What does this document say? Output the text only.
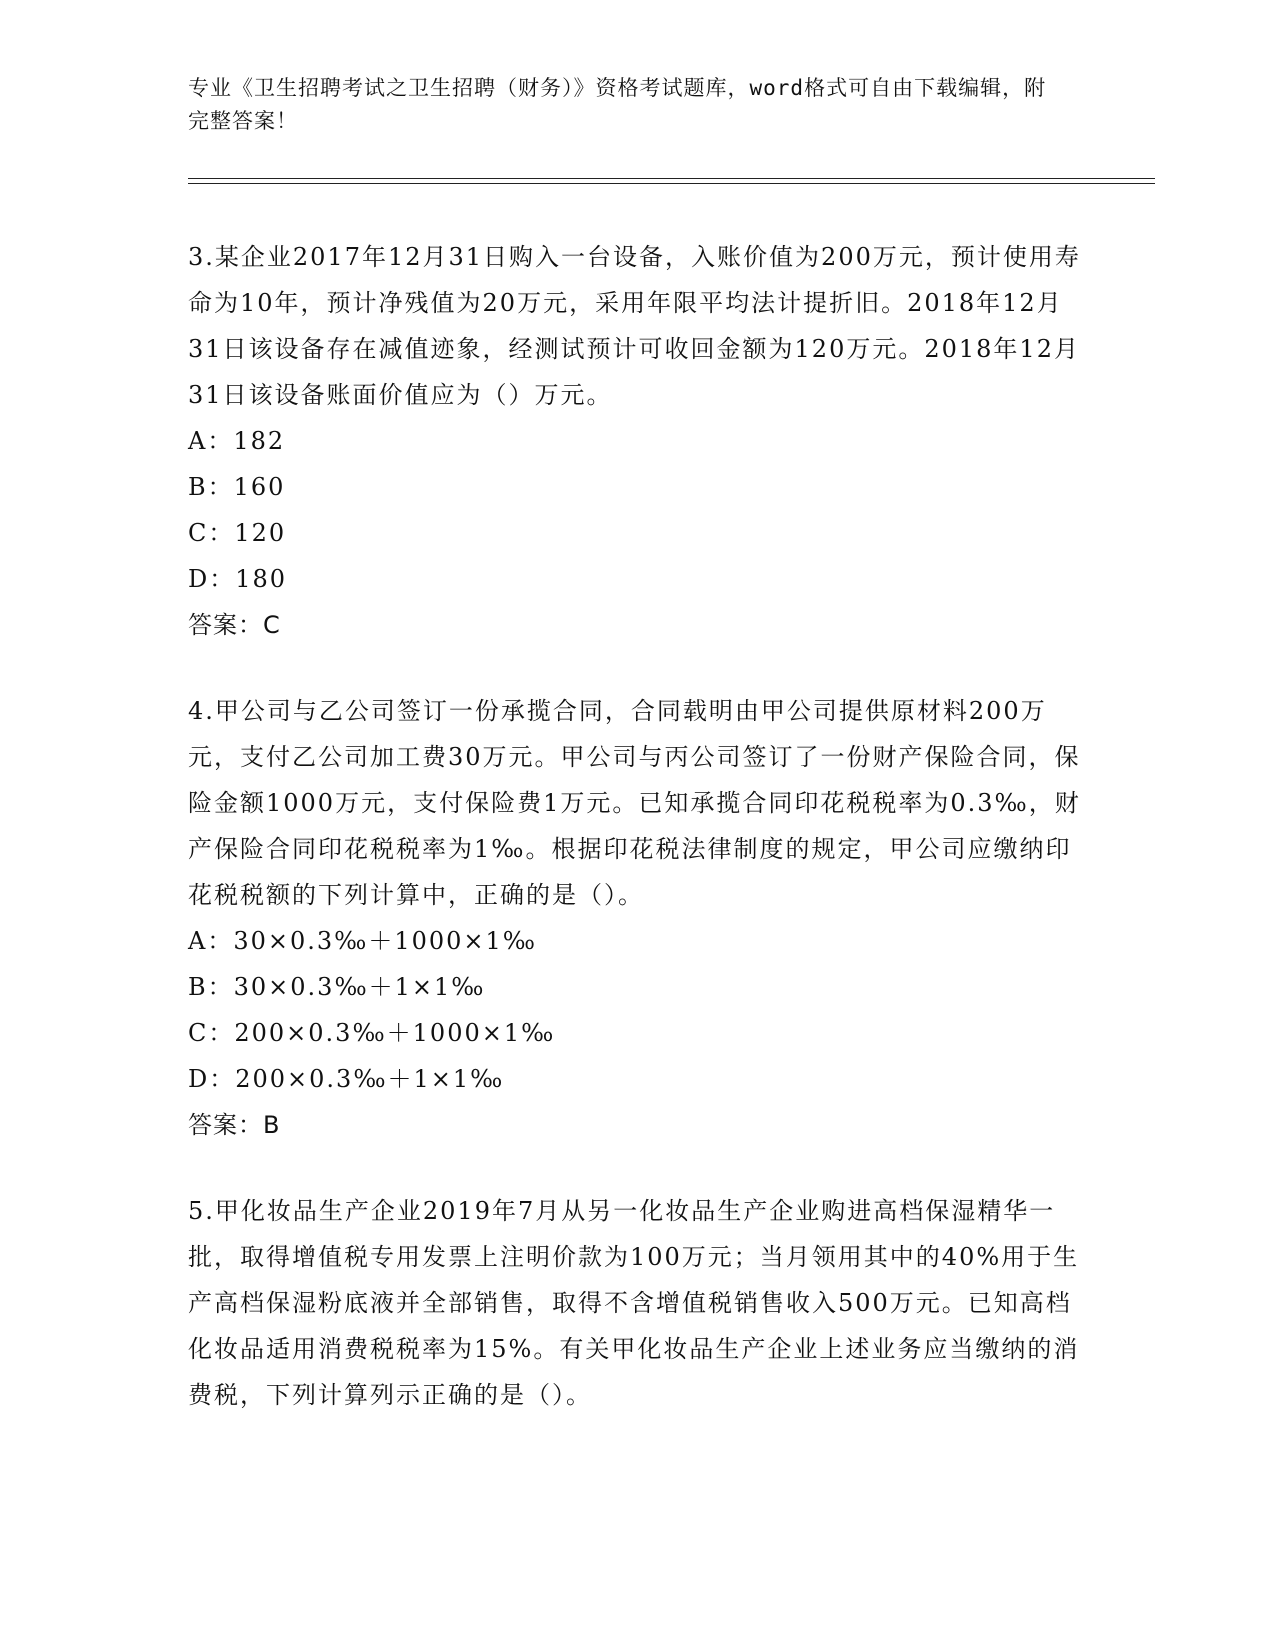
专业《卫生招聘考试之卫生招聘（财务）》资格考试题库，word格式可自由下载编辑，附完整答案！
3.某企业2017年12月31日购入一台设备，入账价值为200万元，预计使用寿命为10年，预计净残值为20万元，采用年限平均法计提折旧。2018年12月31日该设备存在减值迹象，经测试预计可收回金额为120万元。2018年12月31日该设备账面价值应为（）万元。
A：182
B：160
C：120
D：180
答案：C
4.甲公司与乙公司签订一份承揽合同，合同载明由甲公司提供原材料200万元，支付乙公司加工费30万元。甲公司与丙公司签订了一份财产保险合同，保险金额1000万元，支付保险费1万元。已知承揽合同印花税税率为0.3‰，财产保险合同印花税税率为1‰。根据印花税法律制度的规定，甲公司应缴纳印花税税额的下列计算中，正确的是（）。
A：30×0.3‰＋1000×1‰
B：30×0.3‰＋1×1‰
C：200×0.3‰＋1000×1‰
D：200×0.3‰＋1×1‰
答案：B
5.甲化妆品生产企业2019年7月从另一化妆品生产企业购进高档保湿精华一批，取得增值税专用发票上注明价款为100万元；当月领用其中的40%用于生产高档保湿粉底液并全部销售，取得不含增值税销售收入500万元。已知高档化妆品适用消费税税率为15%。有关甲化妆品生产企业上述业务应当缴纳的消费税，下列计算列示正确的是（）。
